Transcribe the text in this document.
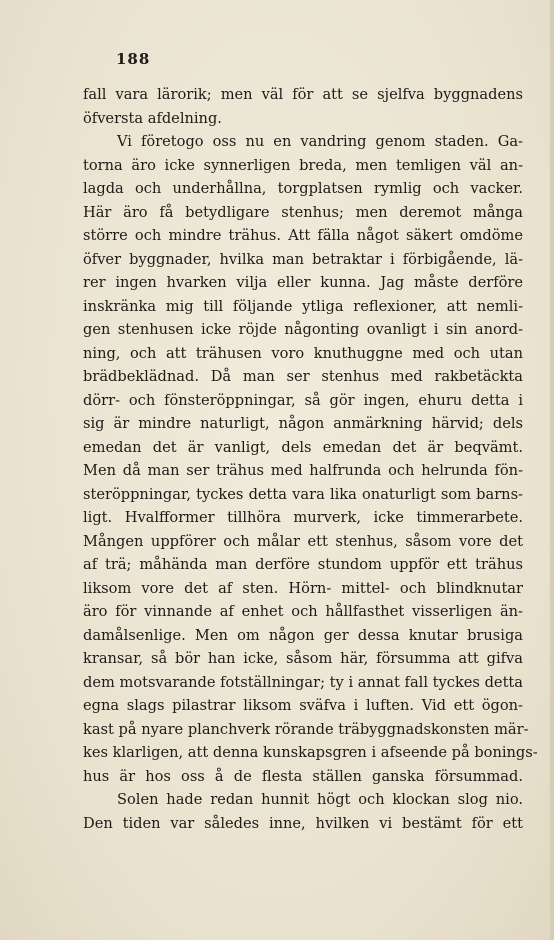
188
fall vara lärorik; men väl för att se sjelfva byggnadens
öfversta afdelning.
Vi företogo oss nu en vandring genom staden. Ga-
torna äro icke synnerligen breda, men temligen väl an-
lagda och underhållna, torgplatsen rymlig och vacker.
Här äro få betydligare stenhus; men deremot många
större och mindre trähus. Att fälla något säkert omdöme
öfver byggnader, hvilka man betraktar i förbigående, lä-
rer ingen hvarken vilja eller kunna. Jag måste derföre
inskränka mig till följande ytliga reflexioner, att nemli-
gen stenhusen icke röjde någonting ovanligt i sin anord-
ning, och att trähusen voro knuthuggne med och utan
brädbeklädnad. Då man ser stenhus med rakbetäckta
dörr- och fönsteröppningar, så gör ingen, ehuru detta i
sig är mindre naturligt, någon anmärkning härvid; dels
emedan det är vanligt, dels emedan det är beqvämt.
Men då man ser trähus med halfrunda och helrunda fön-
steröppningar, tyckes detta vara lika onaturligt som barns-
ligt. Hvalfformer tillhöra murverk, icke timmerarbete.
Mången uppförer och målar ett stenhus, såsom vore det
af trä; måhända man derföre stundom uppför ett trähus
liksom vore det af sten. Hörn- mittel- och blindknutar
äro för vinnande af enhet och hållfasthet visserligen än-
damålsenlige. Men om någon ger dessa knutar brusiga
kransar, så bör han icke, såsom här, försumma att gifva
dem motsvarande fotställningar; ty i annat fall tyckes detta
egna slags pilastrar liksom sväfva i luften. Vid ett ögon-
kast på nyare planchverk rörande träbyggnadskonsten mär-
kes klarligen, att denna kunskapsgren i afseende på bonings-
hus är hos oss å de flesta ställen ganska försummad.
Solen hade redan hunnit högt och klockan slog nio.
Den tiden var således inne, hvilken vi bestämt för ett
